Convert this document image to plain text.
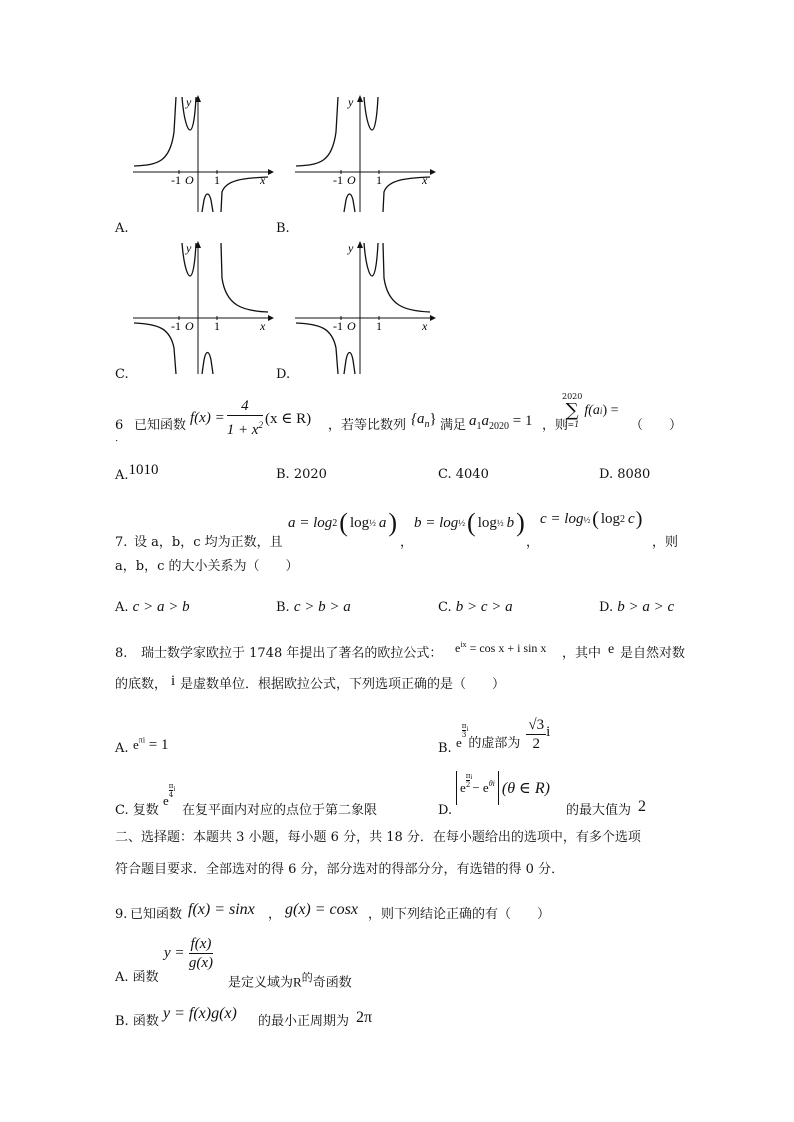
y
x
-1 O 1
A.
y
x
-1 O 1
B.
y
x
-1 O 1
C.
y
x
-1 O 1
D.
$6_.$
已知函数 $f(x) = \frac{4}{1 + x^2} (x$ ∈ R) ，若等比数列 $\{a_n\}$ 满足 $a_1a_{2020} = 1$ ，则
2020
∑
i=1
f(a i ) =
（　　）
A.1010	B. 2020	C. 4040	D. 8080
7. 设 a，b，c 均为正数，且
a = log 2 ( log ½ a )
，
b = log ½ ( log ½ b )
，
c = log ½ ( log 2 c )
，则
a，b，c 的大小关系为（　　）
A. c > a > b	B. c > b > a	C. b > c > a	D. b > a > c
8. 瑞士数学家欧拉于 1748 年提出了著名的欧拉公式： $e^{ix} = \cos x + i$ sin x ，其中 e 是自然对数
的底数， i 是虚数单位．根据欧拉公式，下列选项正确的是（　　）
A. $e^{\pi i} = 1$	B. e
π
3
i
的虚部为 $\frac{√3}{2}$ i
C. 复数
e
π
4
i
在复平面内对应的点位于第二象限	D.
e
π
2
i
− $e^{\theta i}$ (θ ∈ R)
的最大值为 2
二、选择题：本题共 3 小题，每小题 6 分，共 18 分．在每小题给出的选项中，有多个选项
符合题目要求．全部选对的得 6 分，部分选对的得部分分，有选错的得 0 分．
9. 已知函数 f(x) = sinx ， g(x) = cosx ，则下列结论正确的有（　　）
A. 函数
$y = \frac{f(x)}{g(x)}$
是定义域为$R^的$奇函数
B. 函数 y = f(x)g(x) 的最小正周期为 2π
